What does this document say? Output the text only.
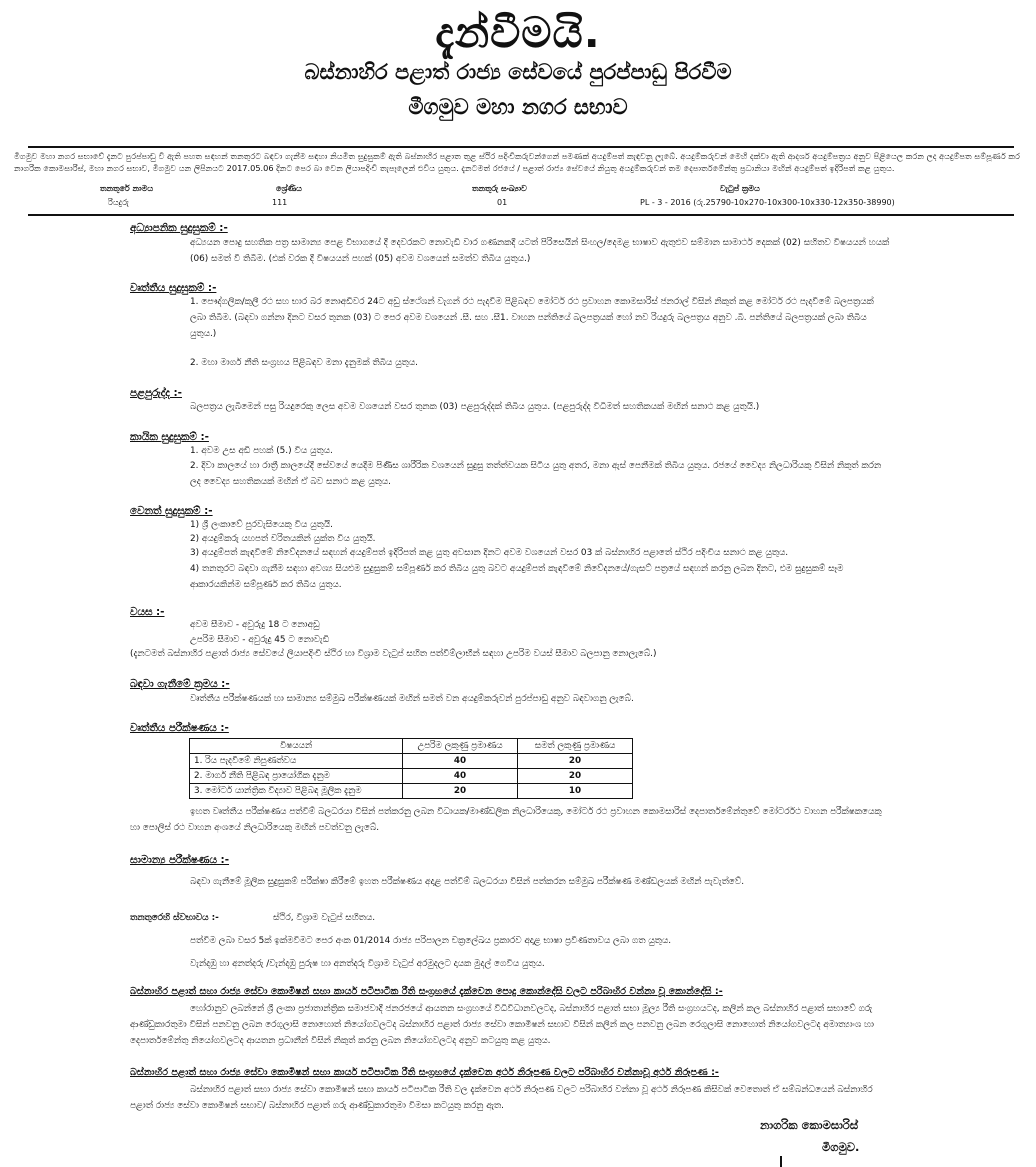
දැන්වීමයි.
බස්නාහිර පළාත් රාජ්‍ය සේවයේ පුරප්පාඩු පිරවීම
මීගමුව මහා නගර සභාව
මීගමුව මහා නගර සභාවේ දැනට පුරප්පාඩු වී ඇති පහත සඳහන් තනතුරට බඳවා ගැනීම සඳහා නියමිත සුදුසුකම් ඇති බස්නාහිර පළාත තුළ ස්ථිර පදිංචිකරුවන්ගෙන් පමණක් අයදුම්පත් කැඳවනු ලැබේ. අයදුම්කරුවන් මෙහි දක්වා ඇති ආදර්ශ අයදුම්පත්‍රය අනුව පිළියෙල කරන ලද අයදුම්පත සම්පූර්ණ කර නාගරික කොමසාරිස්, මහා නගර සභාව, මීගමුව යන ලිපිනයට 2017.05.06 දිනට පෙර බා වෙන ලියාපදිංචි තැපෑලෙන් එවිය යුතුය. දැනටමත් රජයේ / පළාත් රාජ්‍ය සේවයේ නියුතු අයදුම්කරුවන් තම දෙපාර්තමේන්තු ප්‍රධානියා මඟින් අයදුම්පත් ඉදිරිපත් කළ යුතුය.
තනතුරේ නාමය	ශ්‍රේණිය	තනතුරු සංඛ්‍යාව	වැටුප් ක්‍රමය
රියදුරු	111	01	PL - 3 - 2016 (රු.25790-10x270-10x300-10x330-12x350-38990)
අධ්‍යාපනික සුදුසුකම් :-
අධ්‍යයන පොදු සහතික පත්‍ර සාමාන්‍ය පෙළ විභාගයේ දී දෙවරකට නොවැඩි වාර ගණනකදී යටත් පිරිසෙයින් සිංහල/දෙමළ භාෂාව ඇතුළුව සම්මාන සාමාර්ථ දෙකක් (02) සහිතව විෂයයන් හයක් (06) සමත් වී තිබීම. (එක් වරක දී විෂයයන් පහක් (05) අවම වශයෙන් සමත්ව තිබිය යුතුය.)
වෘත්තීය සුදුසුකම් :-
1. පෞද්ගලික/කුලී රථ සහ භාර බර නොඅඩිවර 24ට අඩු ස්ථේශන් වැගන් රථ පැදවීම පිළිබඳව මෝටර් රථ ප්‍රවාහන කොමසාරිස් ජනරාල් විසින් නිකුත් කළ මෝටර් රථ පැදවීමේ බලපත්‍රයක් ලබා තිබීම. (බඳවා ගන්නා දිනට වසර තුනක (03) ට පෙර අවම වශයෙන් .සී. සහ .සී1. වාහන පන්තියේ බලපත්‍රයක් හෝ නව රියදුරු බලපත්‍රය අනුව .බී. පන්තියේ බලපත්‍රයක් ලබා තිබිය යුතුය.)
2. මහා මාර්ග නීති සංග්‍රහය පිළිබඳව මනා දැනුමක් තිබිය යුතුය.
පළපුරුද්ද :-
බලපත්‍රය ලැබීමෙන් පසු රියදුරෙකු ලෙස අවම වශයෙන් වසර තුනක (03) පළපුරුද්දක් තිබිය යුතුය. (පළපුරුද්ද විධිමත් සහතිකයක් මඟින් සනාථ කළ යුතුයි.)
කායික සුදුසුකම් :-
1. අවම උස අඩි පහක් (5.) විය යුතුය.
2. දිවා කාලයේ හා රාත්‍රී කාලයේදී සේවයේ යෙදීම පිණිස ශාරීරික වශයෙන් සුදුසු තත්ත්වයක සිටිය යුතු අතර, මනා ඇස් පෙනීමක් තිබිය යුතුය. රජයේ වෛද්‍ය නිලධාරියකු විසින් නිකුත් කරන ලද වෛද්‍ය සහතිකයක් මඟින් ඒ බව සනාථ කළ යුතුය.
වෙනත් සුදුසුකම් :-
1) ශ්‍රී ලංකාවේ පුරවැසියෙකු විය යුතුයි.
2) අයදුම්කරු යහපත් චරිතයකින් යුක්ත විය යුතුයි.
3) අයදුම්පත් කැඳවීමේ නිවේදනයේ සඳහන් අයදුම්පත් ඉදිරිපත් කළ යුතු අවසාන දිනට අවම වශයෙන් වසර 03 ක් බස්නාහිර පළාතේ ස්ථිර පදිංචිය සනාථ කළ යුතුය.
4) තනතුරට බඳවා ගැනීම සඳහා අවශ්‍ය සියළුම සුදුසුකම් සම්පූර්ණ කර තිබිය යුතු බවට අයදුම්පත් කැඳවීමේ නිවේදනයේ/ගැසට් පත්‍රයේ සඳහන් කරනු ලබන දිනට, එම සුදුසුකම් සෑම ආකාරයකින්ම සම්පූර්ණ කර තිබිය යුතුය.
වයස :-
අවම සීමාව - අවුරුදු 18 ට නොඅඩු
උපරිම සීමාව - අවුරුදු 45 ට නොවැඩි
(දැනටමත් බස්නාහිර පළාත් රාජ්‍ය සේවයේ ලියාපදිංචි ස්ථිර හා විශ්‍රාම වැටුප් සහිත පත්වීම්ලාභීන් සඳහා උපරිම වයස් සීමාව බලපානු නොලැබේ.)
බඳවා ගැනීමේ ක්‍රමය :-
වෘත්තීය පරීක්ෂණයක් හා සාමාන්‍ය සම්මුඛ පරීක්ෂණයක් මඟින් සමත් වන අයදුම්කරුවන් පුරප්පාඩු අනුව බඳවාගනු ලැබේ.
වෘත්තීය පරීක්ෂණය :-
විෂයයන්	උපරිම ලකුණු ප්‍රමාණය	සමත් ලකුණු ප්‍රමාණය
1. රිය පැදවීමේ නිපුණත්වය	40	20
2. මාර්ග නීති පිළිබඳ ප්‍රායෝගික දැනුම	40	20
3. මෝටර් යාන්ත්‍රික විද්‍යාව පිළිබඳ මූලික දැනුම	20	10
ඉහත වෘත්තීය පරීක්ෂණය පත්වීම් බලධරයා විසින් පත්කරනු ලබන විධායක/මාණ්ඩලික නිලධාරියෙකු, මෝටර් රථ ප්‍රවාහන කොමසාරිස් දෙපාර්තමේන්තුවේ මෝටර්රථ වාහන පරීක්ෂකයෙකු හා පොලිස් රථ වාහන අංශයේ නිලධාරියෙකු මඟින් පවත්වනු ලැබේ.
සාමාන්‍ය පරීක්ෂණය :-
බඳවා ගැනීමේ මූලික සුදුසුකම් පරීක්ෂා කිරීමේ ඉහත පරීක්ෂණය අදාළ පත්වීම් බලධරයා විසින් පත්කරන සම්මුඛ පරීක්ෂණ මණ්ඩලයක් මඟින් පැවැත්වේ.
තනතුරෙහි ස්වභාවය :-	ස්ථිර, විශ්‍රාම වැටුප් සහිතය.
පත්වීම ලබා වසර 5ක් ඉක්මවීමට පෙර අංක 01/2014 රාජ්‍ය පරිපාලන චක්‍රලේඛය ප්‍රකාරව අදාළ භාෂා ප්‍රවීණතාවය ලබා ගත යුතුය.
වැන්දඹු හා අනත්දරු /වැන්දඹු පුරුෂ හා අනත්දරු විශ්‍රාම වැටුප් අරමුදලට දායක මුදල් ගෙවිය යුතුය.
බස්නාහිර පළාත් සහා රාජ්‍ය සේවා කොමිෂන් සභා කාර්ය පටිපාටික රීති සංග්‍රහයේ දැක්වෙන පොදු කොන්දේසි වලට පරිබාහිර වන්නා වූ කොන්දේසි :-
හෝරානුව ලබන්නේ ශ්‍රී ලංකා ප්‍රජාතාන්ත්‍රික සමාජවාදී ජනරජයේ ආයතන සංග්‍රහයේ විධිවිධානවලටද, බස්නාහිර පළාත් සභා මූල්‍ය රීති සංග්‍රහයටද, කලින් කල බස්නාහිර පළාත් සභාවේ ගරු ආණ්ඩුකාරතුමා විසින් පනවනු ලබන රෙගුලාසි නොහොත් නියෝගවලටද බස්නාහිර පළාත් රාජ්‍ය සේවා කොමිෂන් සභාව විසින් කලින් කල පනවනු ලබන රෙගුලාසි නොහොත් නියෝගවලටද අමාත්‍යාංශ හා දෙපාර්තමේන්තු නියෝගවලටද ආයතන ප්‍රධානීන් විසින් නිකුත් කරනු ලබන නියෝගවලටද අනුව කටයුතු කළ යුතුය.
බස්නාහිර පළාත් සහා රාජ්‍ය සේවා කොමිෂන් සභා කාර්ය පටිපාටික රීති සංග්‍රහයේ දැක්වෙන අර්ථ නිරූපණ වලට පරිබාහිර වන්නාවූ අර්ථ නිරූපණ :-
බස්නාහිර පළාත් සභා රාජ්‍ය සේවා කොමිෂන් සභා කාර්ය පටිපාටික රීති වල දැක්වෙන අර්ථ නිරූපණ වලට පරිබාහිර වන්නා වූ අර්ථ නිරූපණ කිසිවක් වෙතොත් ඒ සම්බන්ධයෙන් බස්නාහිර පළාත් රාජ්‍ය සේවා කොමිෂන් සභාව/ බස්නාහිර පළාත් ගරු ආණ්ඩුකාරතුමා විමසා කටයුතු කරනු ඇත.
නාගරික කොමසාරිස්
මීගමුව.
